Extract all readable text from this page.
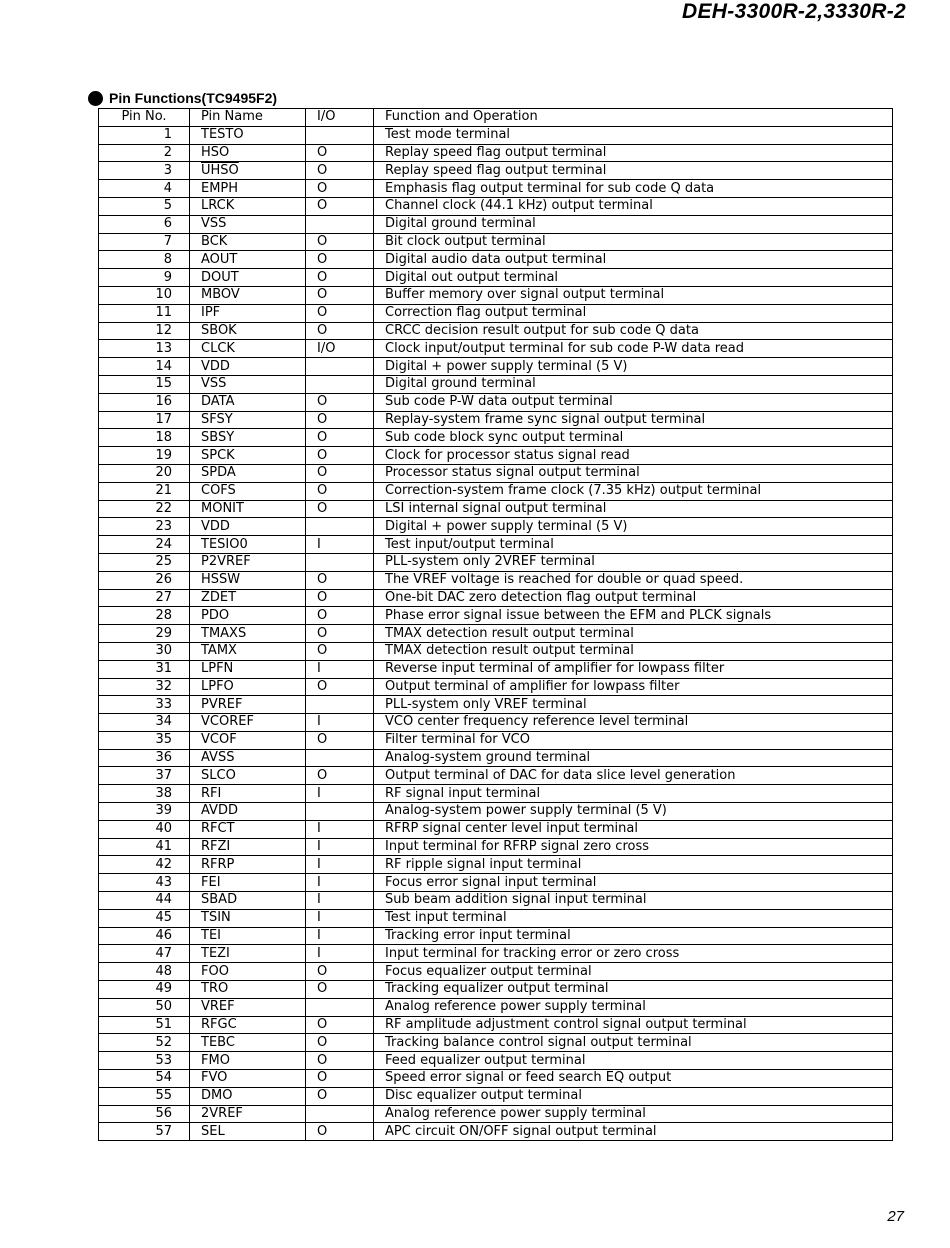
DEH-3300R-2,3330R-2
Pin Functions(TC9495F2)
Pin No.	Pin Name	I/O	Function and Operation
1	TESTO		Test mode terminal
2	$\overline{HSO}$	O	Replay speed flag output terminal
3	UHSO	O	Replay speed flag output terminal
4	EMPH	O	Emphasis flag output terminal for sub code Q data
5	LRCK	O	Channel clock (44.1 kHz) output terminal
6	VSS		Digital ground terminal
7	BCK	O	Bit clock output terminal
8	AOUT	O	Digital audio data output terminal
9	DOUT	O	Digital out output terminal
10	MBOV	O	Buffer memory over signal output terminal
11	IPF	O	Correction flag output terminal
12	SBOK	O	CRCC decision result output for sub code Q data
13	CLCK	I/O	Clock input/output terminal for sub code P-W data read
14	VDD		Digital + power supply terminal (5 V)
15	VSS		Digital ground terminal
16	DATA	O	Sub code P-W data output terminal
17	SFSY	O	Replay-system frame sync signal output terminal
18	SBSY	O	Sub code block sync output terminal
19	SPCK	O	Clock for processor status signal read
20	SPDA	O	Processor status signal output terminal
21	COFS	O	Correction-system frame clock (7.35 kHz) output terminal
22	MONIT	O	LSI internal signal output terminal
23	VDD		Digital + power supply terminal (5 V)
24	TESIO0	I	Test input/output terminal
25	P2VREF		PLL-system only 2VREF terminal
26	HSSW	O	The VREF voltage is reached for double or quad speed.
27	ZDET	O	One-bit DAC zero detection flag output terminal
28	PDO	O	Phase error signal issue between the EFM and PLCK signals
29	TMAXS	O	TMAX detection result output terminal
30	TAMX	O	TMAX detection result output terminal
31	LPFN	I	Reverse input terminal of amplifier for lowpass filter
32	LPFO	O	Output terminal of amplifier for lowpass filter
33	PVREF		PLL-system only VREF terminal
34	VCOREF	I	VCO center frequency reference level terminal
35	VCOF	O	Filter terminal for VCO
36	AVSS		Analog-system ground terminal
37	SLCO	O	Output terminal of DAC for data slice level generation
38	RFI	I	RF signal input terminal
39	AVDD		Analog-system power supply terminal (5 V)
40	RFCT	I	RFRP signal center level input terminal
41	RFZI	I	Input terminal for RFRP signal zero cross
42	RFRP	I	RF ripple signal input terminal
43	FEI	I	Focus error signal input terminal
44	SBAD	I	Sub beam addition signal input terminal
45	TSIN	I	Test input terminal
46	TEI	I	Tracking error input terminal
47	TEZI	I	Input terminal for tracking error or zero cross
48	FOO	O	Focus equalizer output terminal
49	TRO	O	Tracking equalizer output terminal
50	VREF		Analog reference power supply terminal
51	RFGC	O	RF amplitude adjustment control signal output terminal
52	TEBC	O	Tracking balance control signal output terminal
53	FMO	O	Feed equalizer output terminal
54	FVO	O	Speed error signal or feed search EQ output
55	DMO	O	Disc equalizer output terminal
56	2VREF		Analog reference power supply terminal
57	SEL	O	APC circuit ON/OFF signal output terminal
27
